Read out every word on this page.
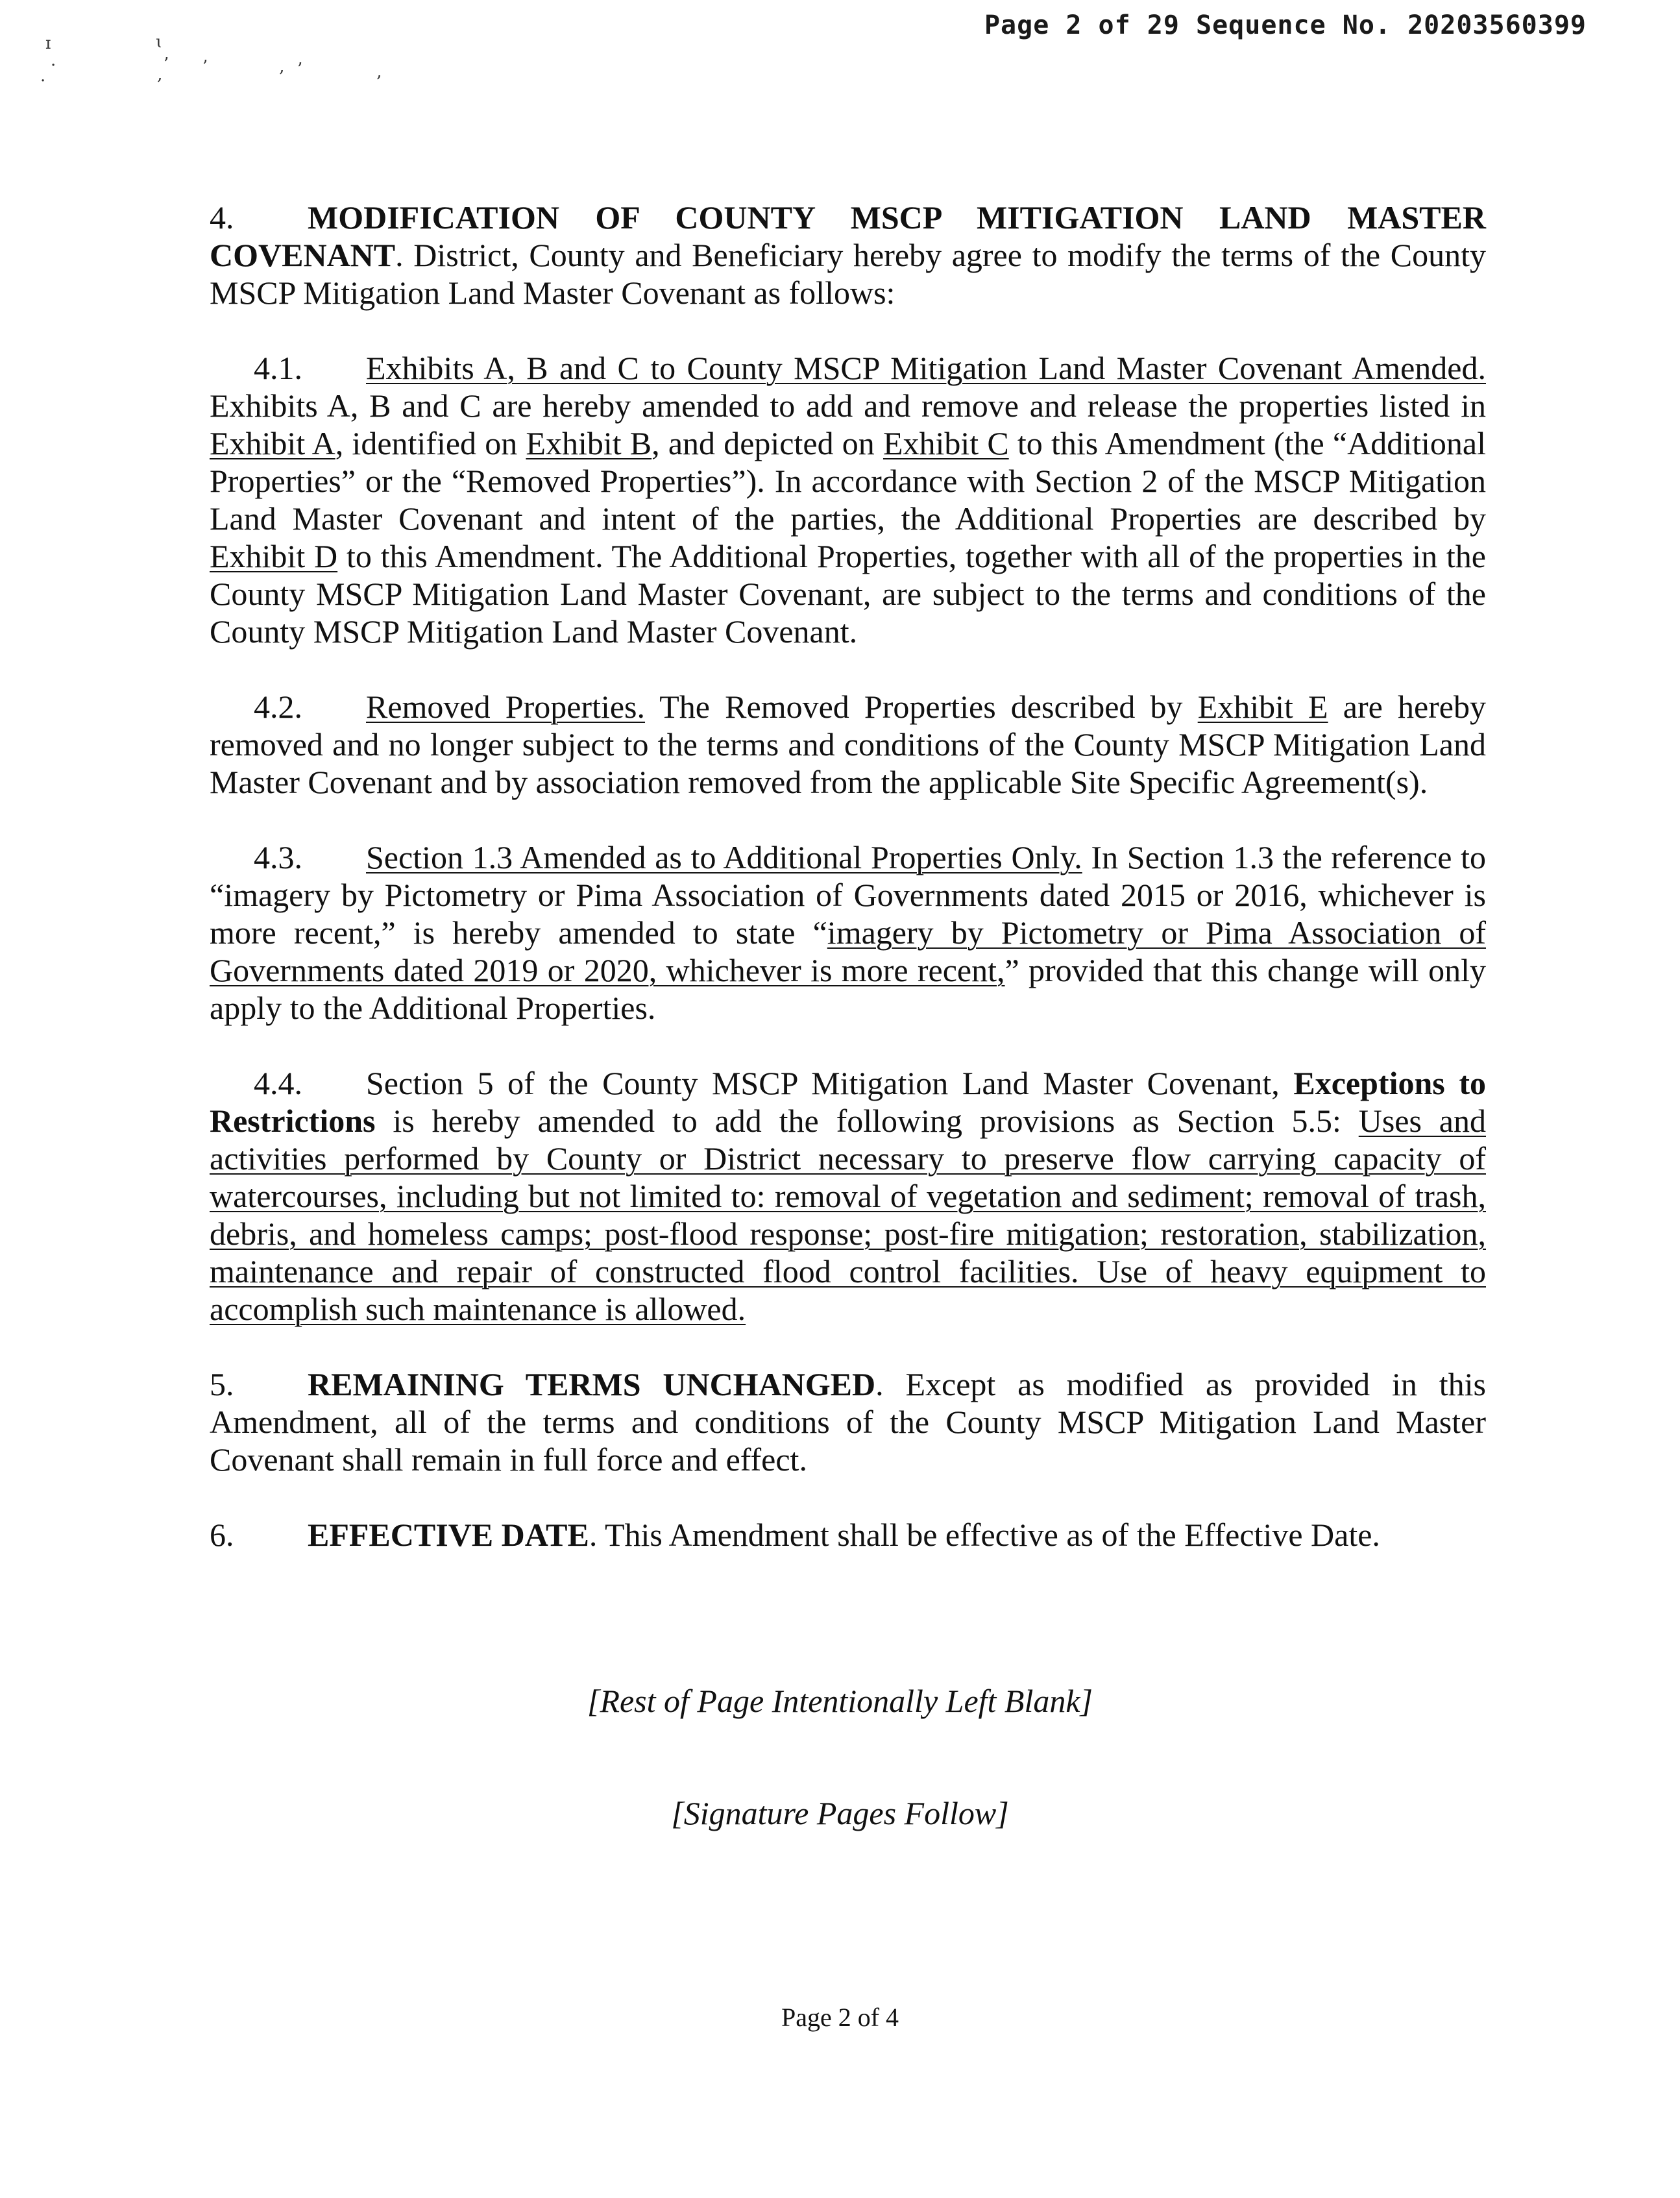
Page 2 of 29 Sequence No. 20203560399
ɪ	ɩ
·	’
‚ ’	‚ ’	‚
·

4. MODIFICATION OF COUNTY MSCP MITIGATION LAND MASTER COVENANT. District, County and Beneficiary hereby agree to modify the terms of the County MSCP Mitigation Land Master Covenant as follows:

4.1. Exhibits A, B and C to County MSCP Mitigation Land Master Covenant Amended. Exhibits A, B and C are hereby amended to add and remove and release the properties listed in Exhibit A, identified on Exhibit B, and depicted on Exhibit C to this Amendment (the “Additional Properties” or the “Removed Properties”). In accordance with Section 2 of the MSCP Mitigation Land Master Covenant and intent of the parties, the Additional Properties are described by Exhibit D to this Amendment. The Additional Properties, together with all of the properties in the County MSCP Mitigation Land Master Covenant, are subject to the terms and conditions of the County MSCP Mitigation Land Master Covenant.

4.2. Removed Properties. The Removed Properties described by Exhibit E are hereby removed and no longer subject to the terms and conditions of the County MSCP Mitigation Land Master Covenant and by association removed from the applicable Site Specific Agreement(s).

4.3. Section 1.3 Amended as to Additional Properties Only. In Section 1.3 the reference to “imagery by Pictometry or Pima Association of Governments dated 2015 or 2016, whichever is more recent,” is hereby amended to state “imagery by Pictometry or Pima Association of Governments dated 2019 or 2020, whichever is more recent,” provided that this change will only apply to the Additional Properties.

4.4. Section 5 of the County MSCP Mitigation Land Master Covenant, Exceptions to Restrictions is hereby amended to add the following provisions as Section 5.5: Uses and activities performed by County or District necessary to preserve flow carrying capacity of watercourses, including but not limited to: removal of vegetation and sediment; removal of trash, debris, and homeless camps; post-flood response; post-fire mitigation; restoration, stabilization, maintenance and repair of constructed flood control facilities. Use of heavy equipment to accomplish such maintenance is allowed.

5. REMAINING TERMS UNCHANGED. Except as modified as provided in this Amendment, all of the terms and conditions of the County MSCP Mitigation Land Master Covenant shall remain in full force and effect.

6. EFFECTIVE DATE. This Amendment shall be effective as of the Effective Date.

[Rest of Page Intentionally Left Blank]
[Signature Pages Follow]
Page 2 of 4
